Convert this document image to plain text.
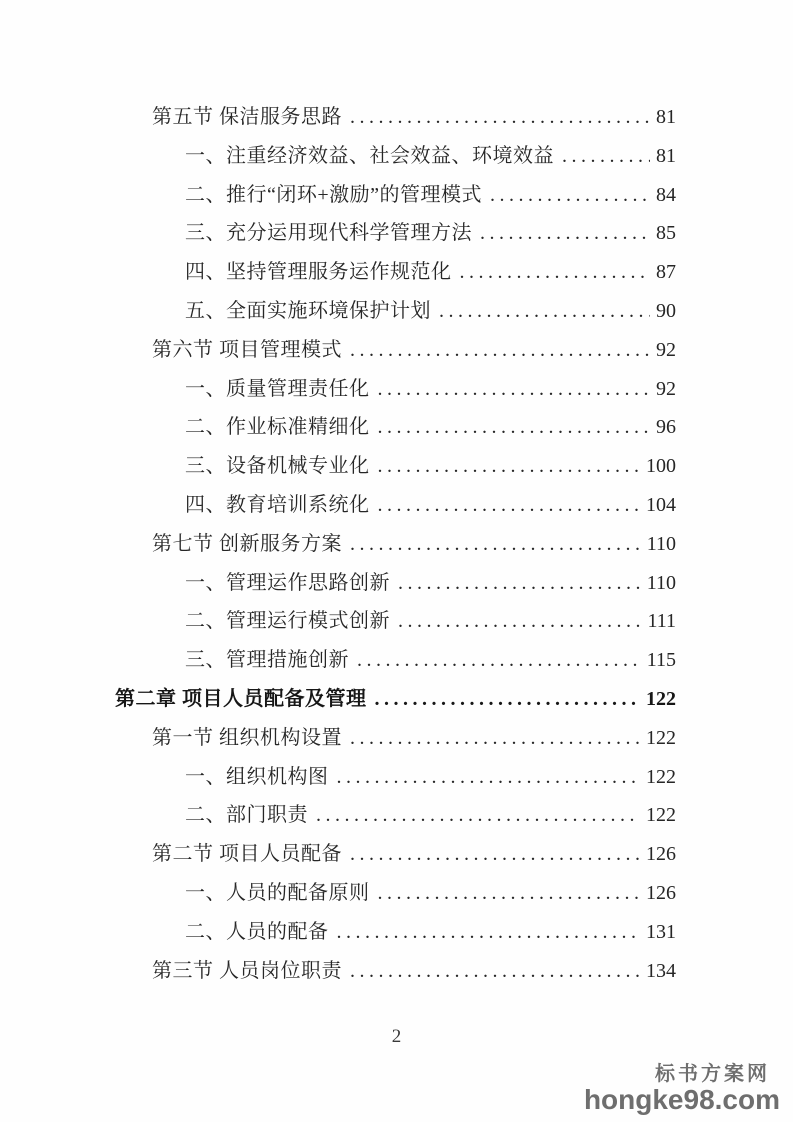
第五节 保洁服务思路 .....	81
一、注重经济效益、社会效益、环境效益 .....	81
二、推行“闭环+激励”的管理模式 .....	84
三、充分运用现代科学管理方法 .....	85
四、坚持管理服务运作规范化 .....	87
五、全面实施环境保护计划 .....	90
第六节 项目管理模式 .....	92
一、质量管理责任化 .....	92
二、作业标准精细化 .....	96
三、设备机械专业化 .....	100
四、教育培训系统化 .....	104
第七节 创新服务方案 .....	110
一、管理运作思路创新 .....	110
二、管理运行模式创新 .....	111
三、管理措施创新 .....	115
第二章 项目人员配备及管理 .....	122
第一节 组织机构设置 .....	122
一、组织机构图 .....	122
二、部门职责 .....	122
第二节 项目人员配备 .....	126
一、人员的配备原则 .....	126
二、人员的配备 .....	131
第三节 人员岗位职责 .....	134
2
标书方案网
hongke98.com
